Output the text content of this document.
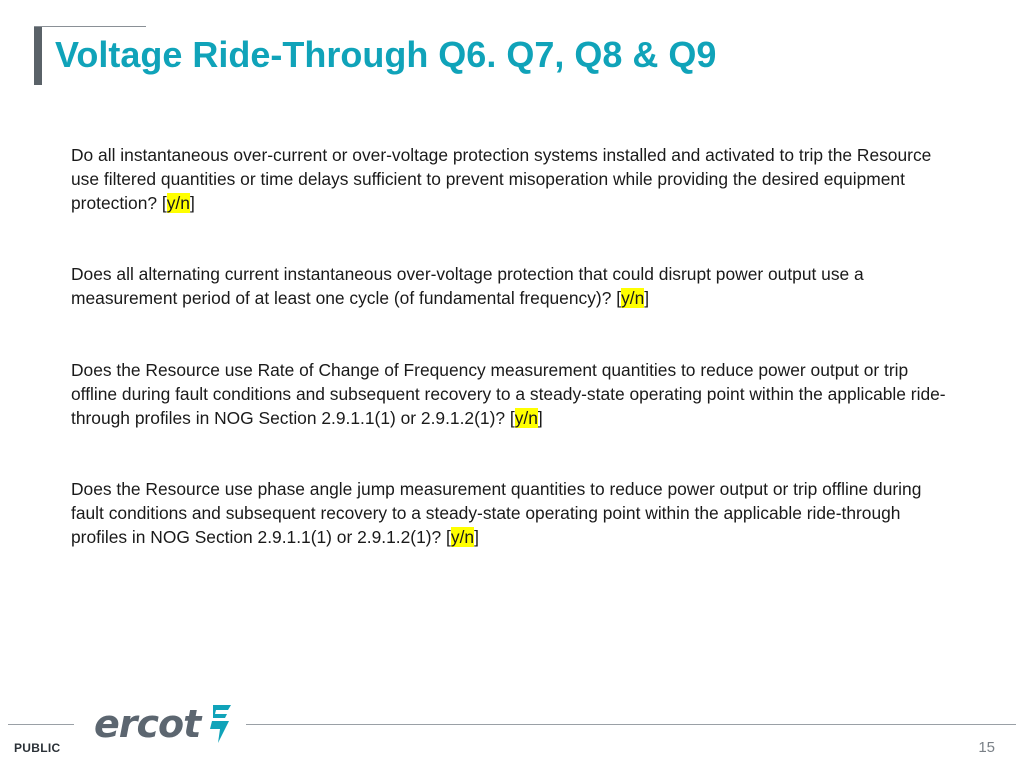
Voltage Ride-Through Q6. Q7, Q8 & Q9

Do all instantaneous over-current or over-voltage protection systems installed and activated to trip the Resource use filtered quantities or time delays sufficient to prevent misoperation while providing the desired equipment protection? [y/n]

Does all alternating current instantaneous over-voltage protection that could disrupt power output use a measurement period of at least one cycle (of fundamental frequency)? [y/n]

Does the Resource use Rate of Change of Frequency measurement quantities to reduce power output or trip offline during fault conditions and subsequent recovery to a steady-state operating point within the applicable ride-through profiles in NOG Section 2.9.1.1(1) or 2.9.1.2(1)? [y/n]

Does the Resource use phase angle jump measurement quantities to reduce power output or trip offline during fault conditions and subsequent recovery to a steady-state operating point within the applicable ride-through profiles in NOG Section 2.9.1.1(1) or 2.9.1.2(1)? [y/n]

ercot
PUBLIC	15
